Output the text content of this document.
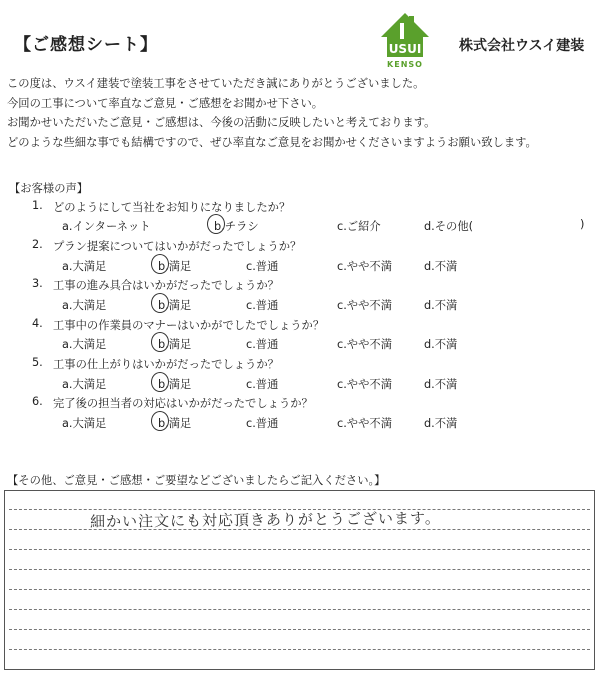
【ご感想シート】	USUI
KENSO
株式会社ウスイ建装
この度は、ウスイ建装で塗装工事をさせていただき誠にありがとうございました。
今回の工事について率直なご意見・ご感想をお聞かせ下さい。
お聞かせいただいたご意見・ご感想は、今後の活動に反映したいと考えております。
どのような些細な事でも結構ですので、ぜひ率直なご意見をお聞かせくださいますようお願い致します。
【お客様の声】
1. どのようにして当社をお知りになりましたか？
a.インターネット	b.チラシ	c.ご紹介	d.その他(	)
2. プラン提案についてはいかがだったでしょうか？
a.大満足	b.満足	c.普通	c.やや不満	d.不満
3. 工事の進み具合はいかがだったでしょうか？
a.大満足	b.満足	c.普通	c.やや不満	d.不満
4. 工事中の作業員のマナーはいかがでしたでしょうか？
a.大満足	b.満足	c.普通	c.やや不満	d.不満
5. 工事の仕上がりはいかがだったでしょうか？
a.大満足	b.満足	c.普通	c.やや不満	d.不満
6. 完了後の担当者の対応はいかがだったでしょうか？
a.大満足	b.満足	c.普通	c.やや不満	d.不満
【その他、ご意見・ご感想・ご要望などございましたらご記入ください。】
細かい注文にも対応頂きありがとうございます。
